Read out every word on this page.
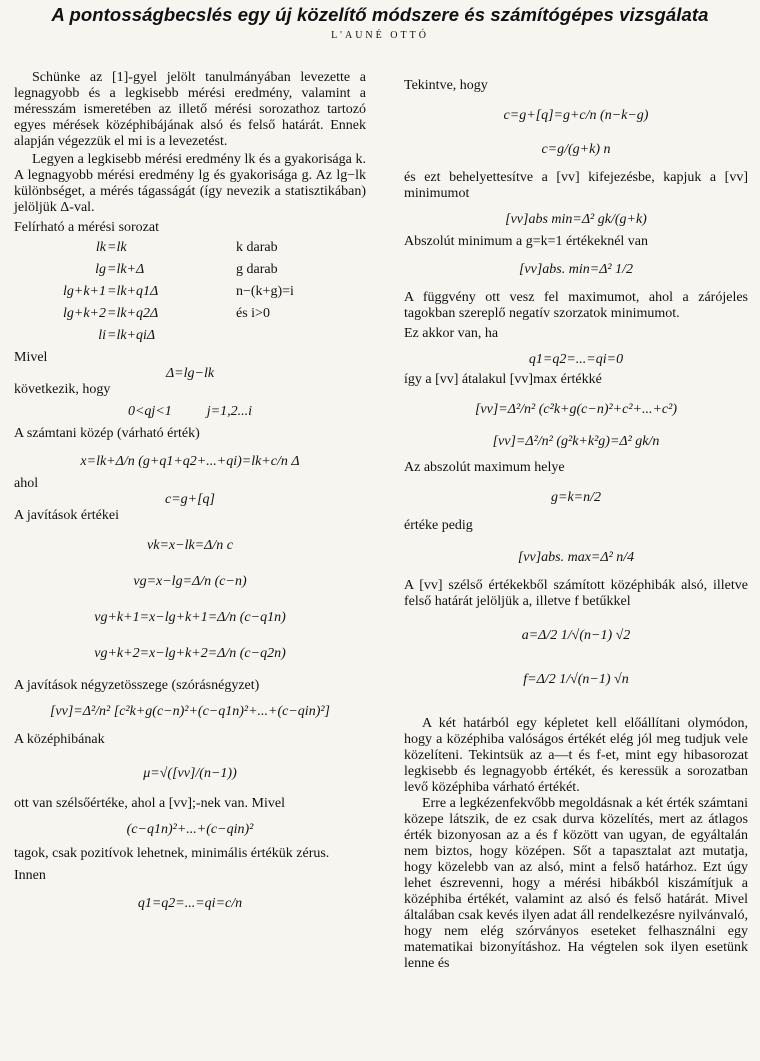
A pontosságbecslés egy új közelítő módszere és számítógépes vizsgálata
L'AUNÉ OTTÓ

Schünke az [1]-gyel jelölt tanulmányában levezette a legnagyobb és a legkisebb mérési eredmény, valamint a méresszám ismeretében az illető mérési sorozathoz tartozó egyes mérések középhibájának alsó és felső határát. Ennek alapján végezzük el mi is a levezetést.

Legyen a legkisebb mérési eredmény lk és a gyakorisága k. A legnagyobb mérési eredmény lg és gyakorisága g. Az lg−lk különbséget, a mérés tágasságát (így nevezik a statisztikában) jelöljük Δ-val.

Felírható a mérési sorozat

lk =lk	k darab
lg =lk+Δ	g darab
lg+k+1 =lk+q1Δ	n−(k+g)=i
lg+k+2 =lk+q2Δ	és i>0
li =lk+qiΔ

Mivel

Δ=lg−lk

következik, hogy

0<qj<1          j=1,2...i

A számtani közép (várható érték)

x=lk+Δ/n (g+q1+q2+...+qi)=lk+c/n Δ

ahol

c=g+[q]

A javítások értékei

vk=x−lk=Δ/n c

vg=x−lg=Δ/n (c−n)

vg+k+1=x−lg+k+1=Δ/n (c−q1n)

vg+k+2=x−lg+k+2=Δ/n (c−q2n)

A javítások négyzetösszege (szórásnégyzet)

[vv]=Δ²/n² [c²k+g(c−n)²+(c−q1n)²+...+(c−qin)²]

A középhibának

μ=√([vv]/(n−1))

ott van szélsőértéke, ahol a [vv];-nek van. Mivel

(c−q1n)²+...+(c−qin)²

tagok, csak pozitívok lehetnek, minimális értékük zérus.

Innen

q1=q2=...=qi=c/n

Tekintve, hogy

c=g+[q]=g+c/n (n−k−g)

c=g/(g+k) n

és ezt behelyettesítve a [vv] kifejezésbe, kapjuk a [vv] minimumot

[vv]abs min=Δ² gk/(g+k)

Abszolút minimum a g=k=1 értékeknél van

[vv]abs. min=Δ² 1/2

A függvény ott vesz fel maximumot, ahol a zárójeles tagokban szereplő negatív szorzatok minimumot.

Ez akkor van, ha

q1=q2=...=qi=0

így a [vv] átalakul [vv]max értékké

[vv]=Δ²/n² (c²k+g(c−n)²+c²+...+c²)

[vv]=Δ²/n² (g²k+k²g)=Δ² gk/n

Az abszolút maximum helye

g=k=n/2

értéke pedig

[vv]abs. max=Δ² n/4

A [vv] szélső értékekből számított középhibák alsó, illetve felső határát jelöljük a, illetve f betűkkel

a=Δ/2 1/√(n−1) √2

f=Δ/2 1/√(n−1) √n

A két határból egy képletet kell előállítani olymódon, hogy a középhiba valóságos értékét elég jól meg tudjuk vele közelíteni. Tekintsük az a—t és f-et, mint egy hibasorozat legkisebb és legnagyobb értékét, és keressük a sorozatban levő középhiba várható értékét.

Erre a legkézenfekvőbb megoldásnak a két érték számtani közepe látszik, de ez csak durva közelítés, mert az átlagos érték bizonyosan az a és f között van ugyan, de egyáltalán nem biztos, hogy középen. Sőt a tapasztalat azt mutatja, hogy közelebb van az alsó, mint a felső határhoz. Ezt úgy lehet észrevenni, hogy a mérési hibákból kiszámítjuk a középhiba értékét, valamint az alsó és felső határát. Mivel általában csak kevés ilyen adat áll rendelkezésre nyilvánvaló, hogy nem elég szórványos eseteket felhasználni egy matematikai bizonyításhoz. Ha végtelen sok ilyen esetünk lenne és
